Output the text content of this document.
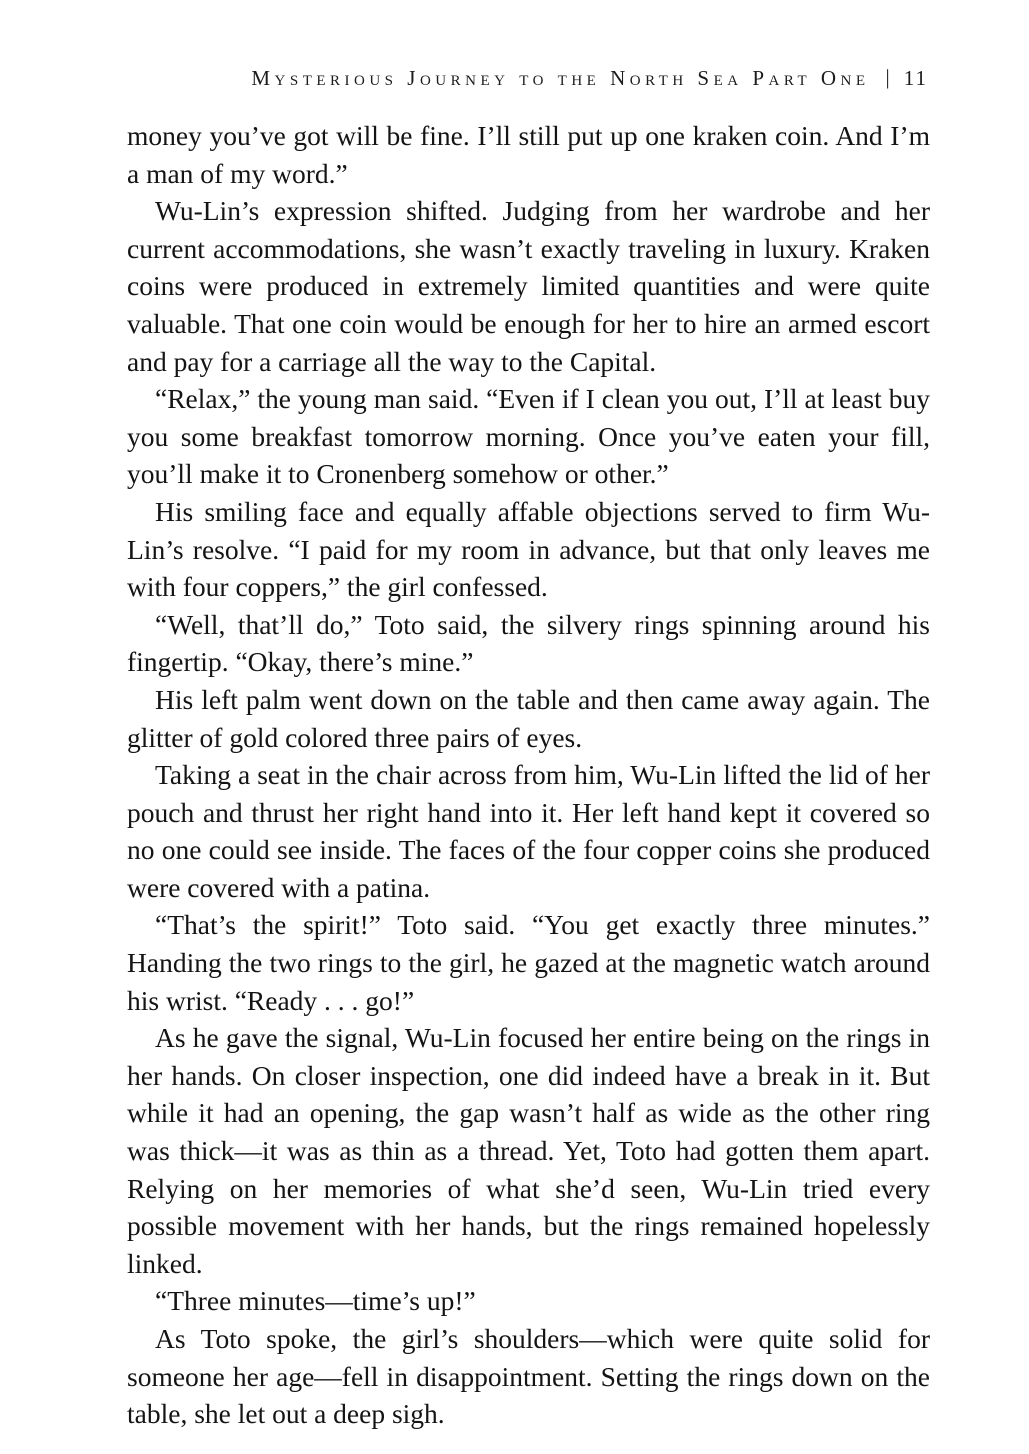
Mysterious Journey to the North Sea Part One | 11

money you’ve got will be fine. I’ll still put up one kraken coin. And I’m a man of my word.”

Wu-Lin’s expression shifted. Judging from her wardrobe and her current accommodations, she wasn’t exactly traveling in luxury. Kraken coins were produced in extremely limited quantities and were quite valuable. That one coin would be enough for her to hire an armed escort and pay for a carriage all the way to the Capital.

“Relax,” the young man said. “Even if I clean you out, I’ll at least buy you some breakfast tomorrow morning. Once you’ve eaten your fill, you’ll make it to Cronenberg somehow or other.”

His smiling face and equally affable objections served to firm Wu-Lin’s resolve. “I paid for my room in advance, but that only leaves me with four coppers,” the girl confessed.

“Well, that’ll do,” Toto said, the silvery rings spinning around his fingertip. “Okay, there’s mine.”

His left palm went down on the table and then came away again. The glitter of gold colored three pairs of eyes.

Taking a seat in the chair across from him, Wu-Lin lifted the lid of her pouch and thrust her right hand into it. Her left hand kept it covered so no one could see inside. The faces of the four copper coins she produced were covered with a patina.

“That’s the spirit!” Toto said. “You get exactly three minutes.” Handing the two rings to the girl, he gazed at the magnetic watch around his wrist. “Ready . . . go!”

As he gave the signal, Wu-Lin focused her entire being on the rings in her hands. On closer inspection, one did indeed have a break in it. But while it had an opening, the gap wasn’t half as wide as the other ring was thick—it was as thin as a thread. Yet, Toto had gotten them apart. Relying on her memories of what she’d seen, Wu-Lin tried every possible movement with her hands, but the rings remained hopelessly linked.

“Three minutes—time’s up!”

As Toto spoke, the girl’s shoulders—which were quite solid for someone her age—fell in disappointment. Setting the rings down on the table, she let out a deep sigh.
